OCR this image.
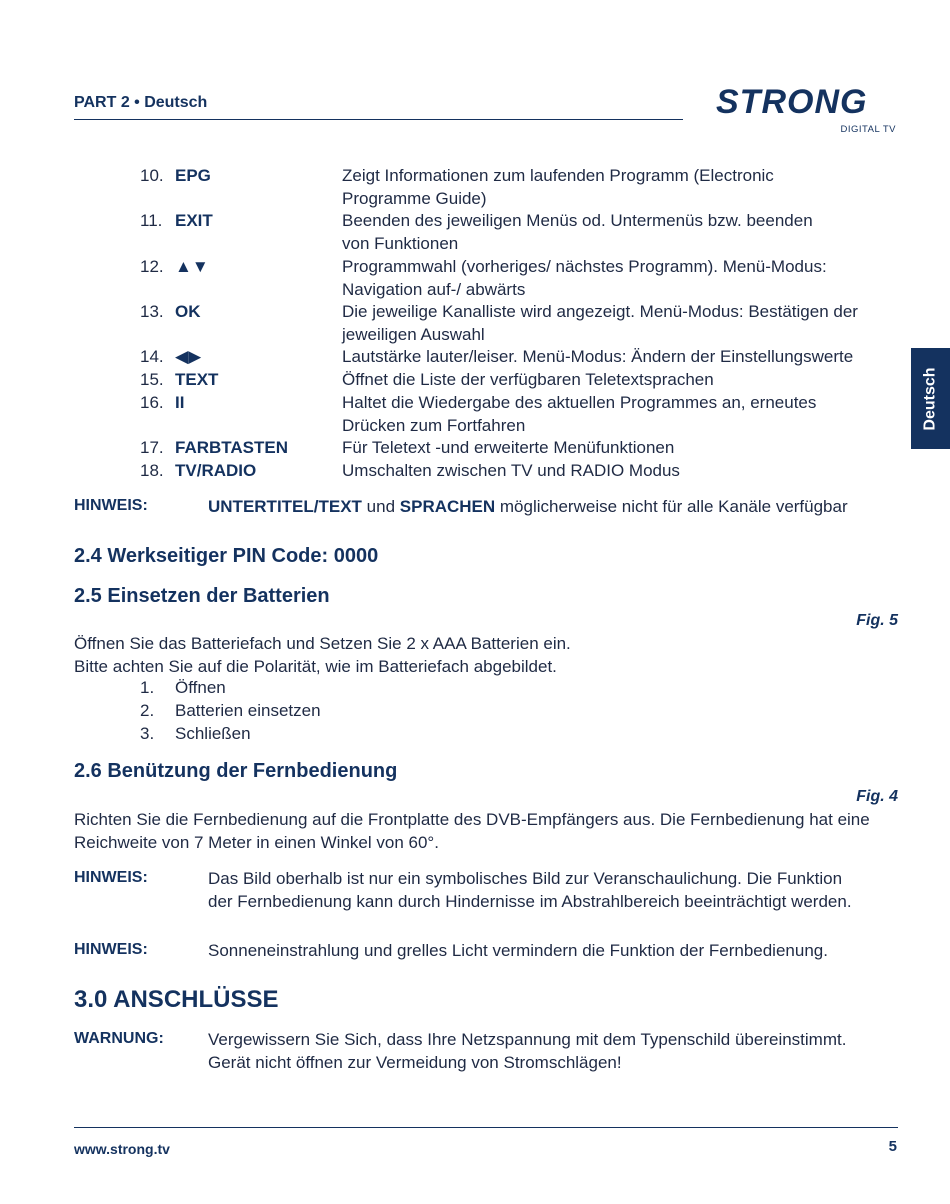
PART 2 • Deutsch	STRONG
DIGITAL TV
Deutsch
10. EPG	Zeigt Informationen zum laufenden Programm (Electronic
Programme Guide)
11. EXIT	Beenden des jeweiligen Menüs od. Untermenüs bzw. beenden
von Funktionen
12. ▲▼	Programmwahl (vorheriges/ nächstes Programm). Menü-Modus:
Navigation auf-/ abwärts
13. OK	Die jeweilige Kanalliste wird angezeigt. Menü-Modus: Bestätigen der
jeweiligen Auswahl
14. ◀▶	Lautstärke lauter/leiser. Menü-Modus: Ändern der Einstellungswerte
15. TEXT	Öffnet die Liste der verfügbaren Teletextsprachen
16. II	Haltet die Wiedergabe des aktuellen Programmes an, erneutes
Drücken zum Fortfahren
17. FARBTASTEN	Für Teletext -und erweiterte Menüfunktionen
18. TV/RADIO	Umschalten zwischen TV und RADIO Modus
HINWEIS:	UNTERTITEL/TEXT und SPRACHEN möglicherweise nicht für alle Kanäle verfügbar
2.4 Werkseitiger PIN Code: 0000
2.5 Einsetzen der Batterien
Fig. 5
Öffnen Sie das Batteriefach und Setzen Sie 2 x AAA Batterien ein.
Bitte achten Sie auf die Polarität, wie im Batteriefach abgebildet.
1. Öffnen
2. Batterien einsetzen
3. Schließen
2.6 Benützung der Fernbedienung
Fig. 4
Richten Sie die Fernbedienung auf die Frontplatte des DVB-Empfängers aus. Die Fernbedienung hat eine
Reichweite von 7 Meter in einen Winkel von 60°.
HINWEIS:	Das Bild oberhalb ist nur ein symbolisches Bild zur Veranschaulichung. Die Funktion
der Fernbedienung kann durch Hindernisse im Abstrahlbereich beeinträchtigt werden.
HINWEIS:	Sonneneinstrahlung und grelles Licht vermindern die Funktion der Fernbedienung.
3.0 ANSCHLÜSSE
WARNUNG:	Vergewissern Sie Sich, dass Ihre Netzspannung mit dem Typenschild übereinstimmt.
Gerät nicht öffnen zur Vermeidung von Stromschlägen!
www.strong.tv	5
